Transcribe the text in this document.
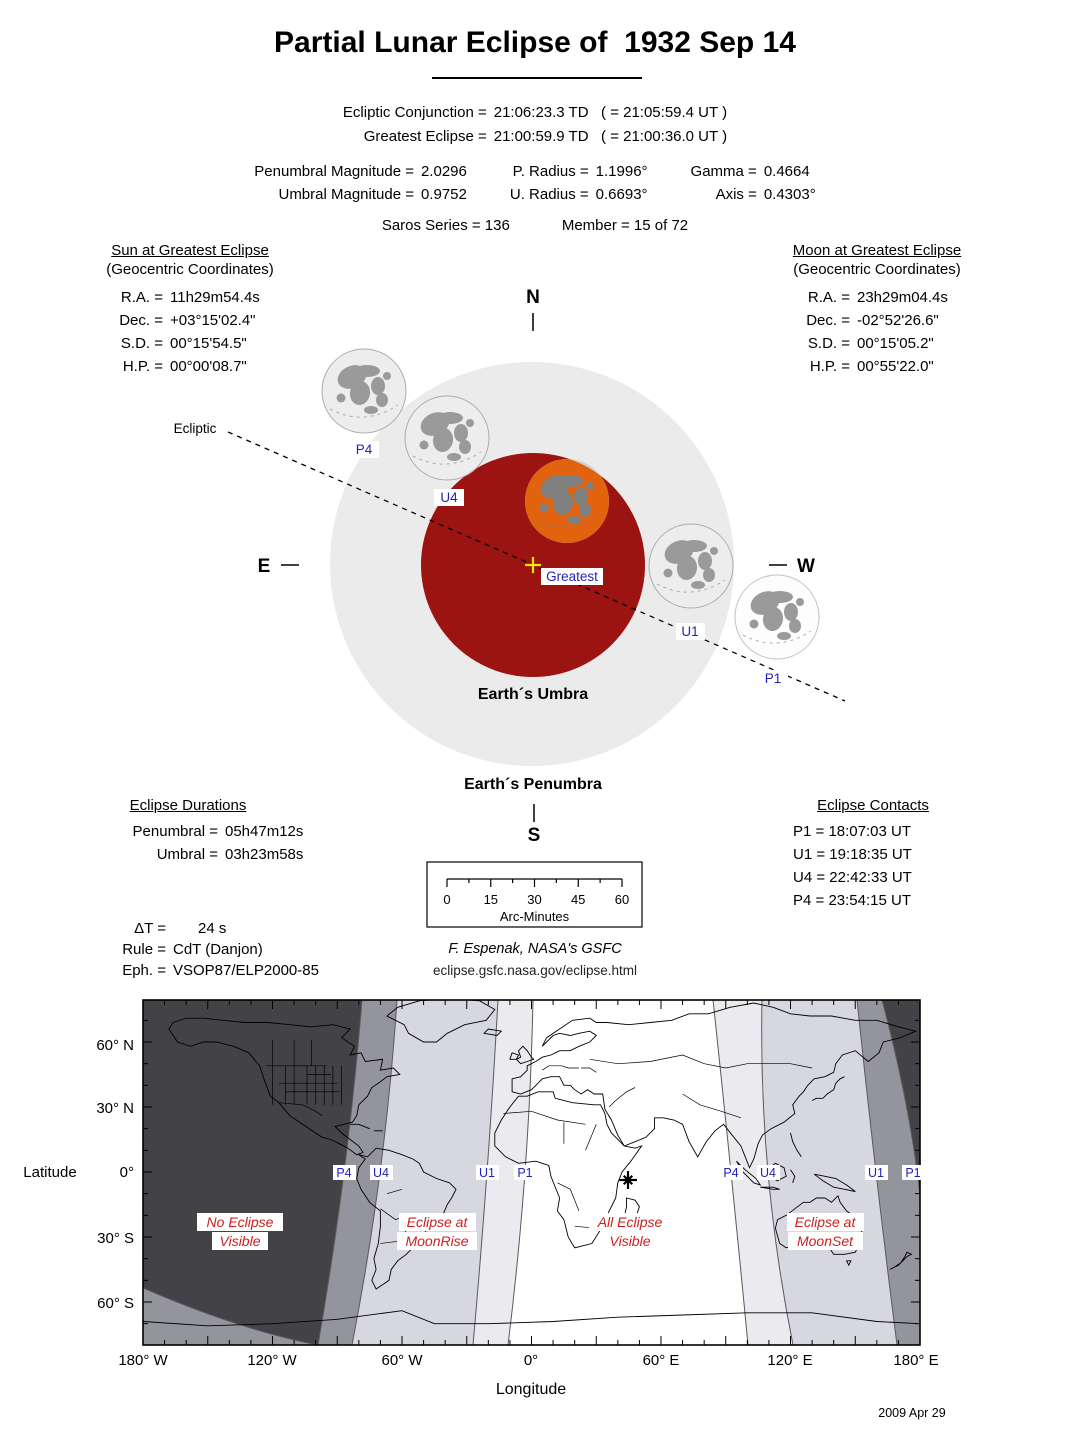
Partial Lunar Eclipse of  1932 Sep 14
Ecliptic Conjunction = 21:06:23.3 TD   ( = 21:05:59.4 UT )
Greatest Eclipse = 21:00:59.9 TD   ( = 21:00:36.0 UT )
Penumbral Magnitude = 2.0296	P. Radius = 1.1996°	Gamma = 0.4664
Umbral Magnitude = 0.9752	U. Radius = 0.6693°	Axis = 0.4303°
Saros Series = 136	Member = 15 of 72
Sun at Greatest Eclipse
(Geocentric Coordinates)
R.A. = 11h29m54.4s
Dec. = +03°15'02.4"
S.D. = 00°15'54.5"
H.P. = 00°00'08.7"
Moon at Greatest Eclipse
(Geocentric Coordinates)
R.A. = 23h29m04.4s
Dec. = -02°52'26.6"
S.D. = 00°15'05.2"
H.P. = 00°55'22.0"
Eclipse Durations
Penumbral = 05h47m12s
Umbral = 03h23m58s
Eclipse Contacts
P1 = 18:07:03 UT
U1 = 19:18:35 UT
U4 = 22:42:33 UT
P4 = 23:54:15 UT
ΔT = 24 s
Rule = CdT (Danjon)
Eph. = VSOP87/ELP2000-85
F. Espenak, NASA's GSFC
eclipse.gsfc.nasa.gov/eclipse.html
N
S
E	W
Ecliptic
Earth´s Umbra
Earth´s Penumbra
P4
U4
Greatest
U1
P1
0	15 30 45 60
Arc-Minutes
P4 U4	U1 P1	P4 U4	U1 P1
No Eclipse
Visible
Eclipse at
MoonRise
All Eclipse
Visible
Eclipse at
MoonSet
60° N
30° N
0°
30° S
60° S
Latitude
180° W	120° W	60° W	0°	60° E	120° E	180° E
Longitude
2009 Apr 29
